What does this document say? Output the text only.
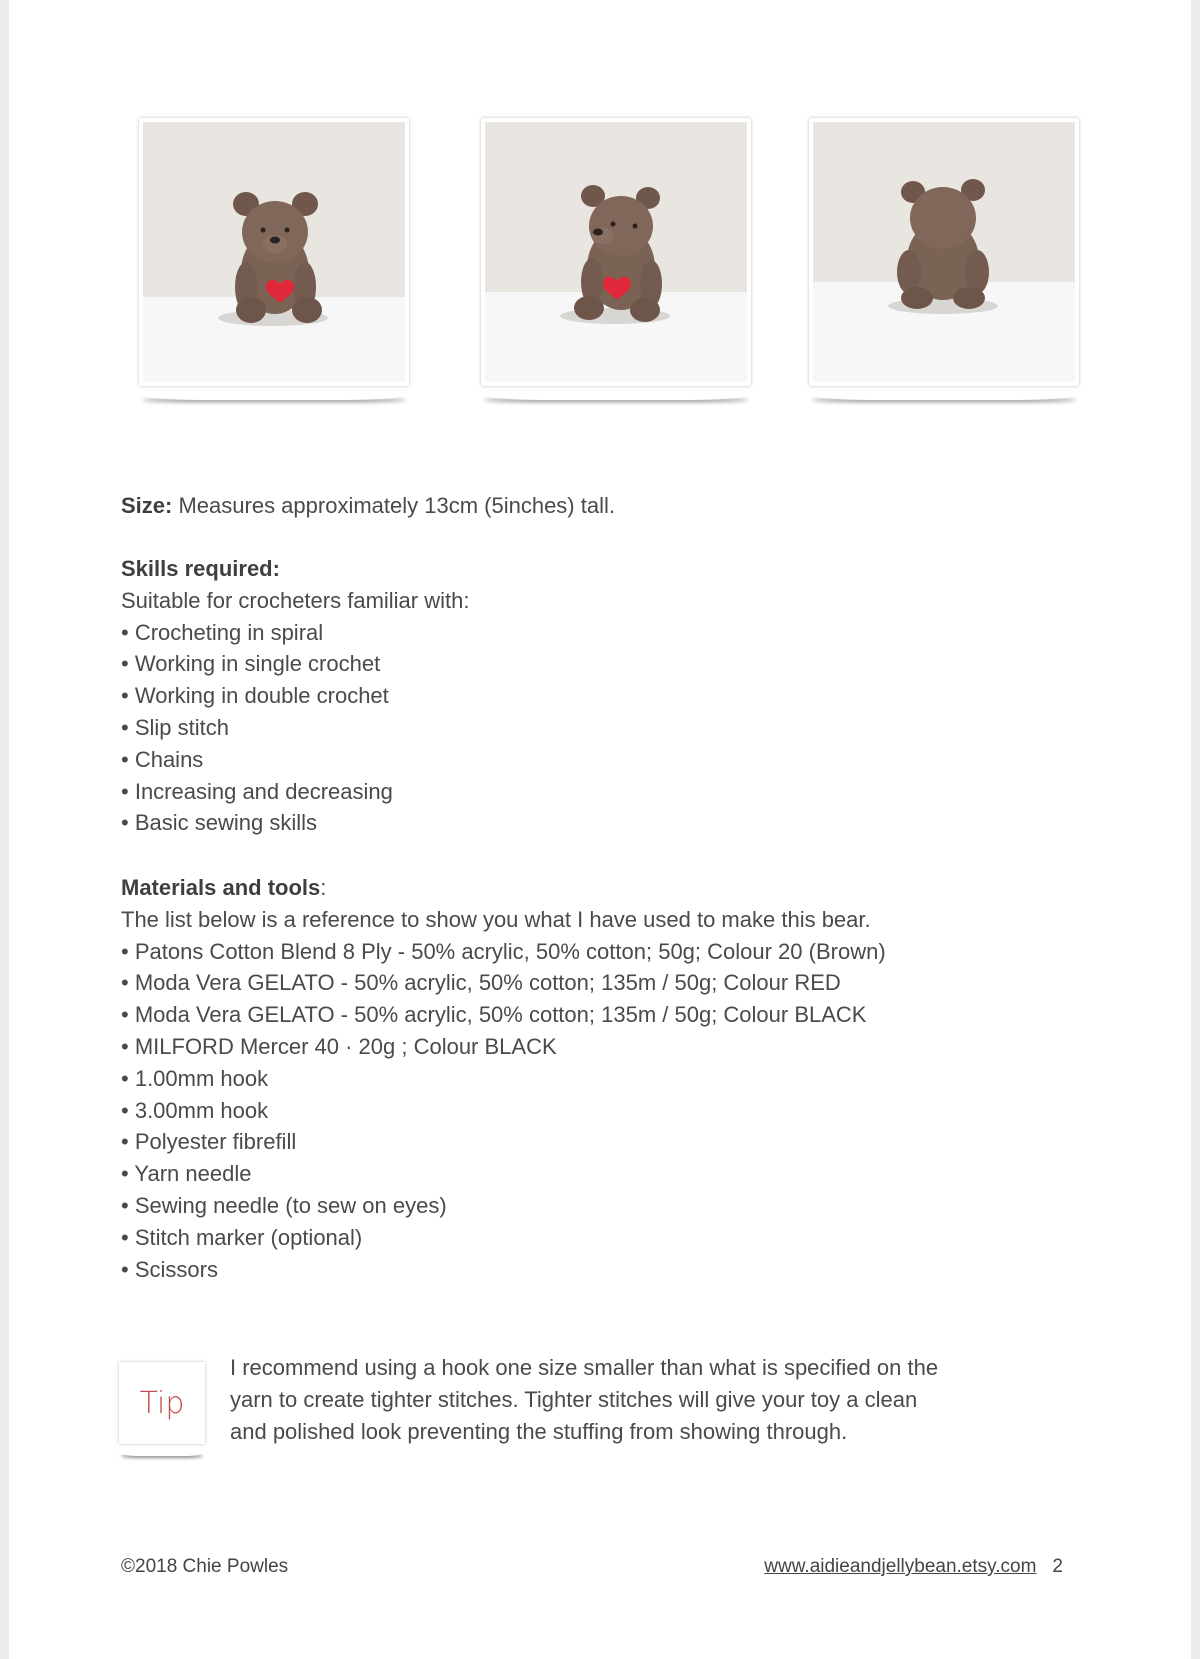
Size: Measures approximately 13cm (5inches) tall.

Skills required:

Suitable for crocheters familiar with:

• Crocheting in spiral
• Working in single crochet
• Working in double crochet
• Slip stitch
• Chains
• Increasing and decreasing
• Basic sewing skills

Materials and tools:

The list below is a reference to show you what I have used to make this bear.

• Patons Cotton Blend 8 Ply - 50% acrylic, 50% cotton; 50g; Colour 20 (Brown)
• Moda Vera GELATO - 50% acrylic, 50% cotton; 135m / 50g; Colour RED
• Moda Vera GELATO - 50% acrylic, 50% cotton; 135m / 50g; Colour BLACK
• MILFORD Mercer 40 · 20g ; Colour BLACK
• 1.00mm hook
• 3.00mm hook
• Polyester fibrefill
• Yarn needle
• Sewing needle (to sew on eyes)
• Stitch marker (optional)
• Scissors
Tip

I recommend using a hook one size smaller than what is specified on the

yarn to create tighter stitches. Tighter stitches will give your toy a clean

and polished look preventing the stuffing from showing through.

©2018 Chie Powles	www.aidieandjellybean.etsy.com 2
